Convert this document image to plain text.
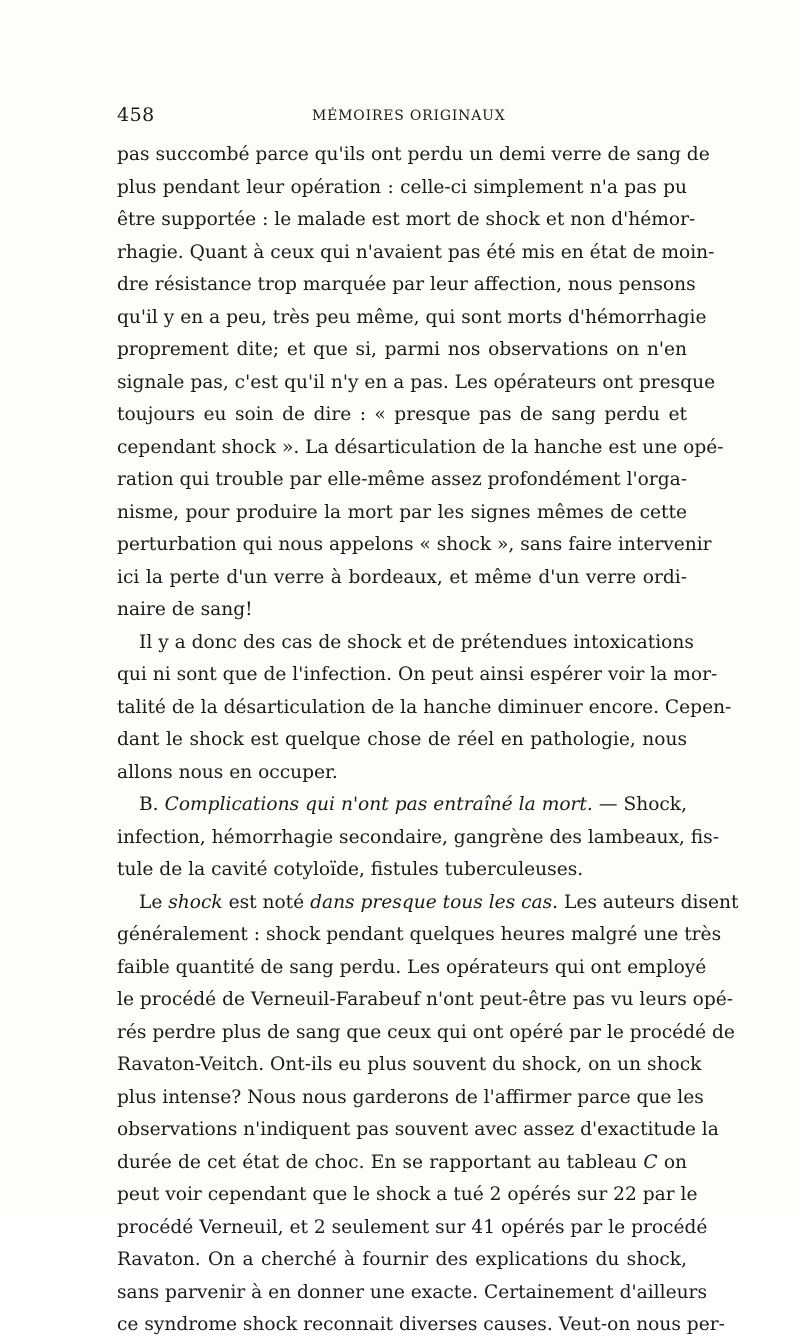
458	MÉMOIRES ORIGINAUX
pas succombé parce qu'ils ont perdu un demi verre de sang de
plus pendant leur opération : celle-ci simplement n'a pas pu
être supportée : le malade est mort de shock et non d'hémor-
rhagie. Quant à ceux qui n'avaient pas été mis en état de moin-
dre résistance trop marquée par leur affection, nous pensons
qu'il y en a peu, très peu même, qui sont morts d'hémorrhagie
proprement dite; et que si, parmi nos observations on n'en
signale pas, c'est qu'il n'y en a pas. Les opérateurs ont presque
toujours eu soin de dire : « presque pas de sang perdu et
cependant shock ». La désarticulation de la hanche est une opé-
ration qui trouble par elle-même assez profondément l'orga-
nisme, pour produire la mort par les signes mêmes de cette
perturbation qui nous appelons « shock », sans faire intervenir
ici la perte d'un verre à bordeaux, et même d'un verre ordi-
naire de sang!
Il y a donc des cas de shock et de prétendues intoxications
qui ni sont que de l'infection. On peut ainsi espérer voir la mor-
talité de la désarticulation de la hanche diminuer encore. Cepen-
dant le shock est quelque chose de réel en pathologie, nous
allons nous en occuper.
B. Complications qui n'ont pas entraîné la mort. — Shock,
infection, hémorrhagie secondaire, gangrène des lambeaux, fis-
tule de la cavité cotyloïde, fistules tuberculeuses.
Le shock est noté dans presque tous les cas. Les auteurs disent
généralement : shock pendant quelques heures malgré une très
faible quantité de sang perdu. Les opérateurs qui ont employé
le procédé de Verneuil-Farabeuf n'ont peut-être pas vu leurs opé-
rés perdre plus de sang que ceux qui ont opéré par le procédé de
Ravaton-Veitch. Ont-ils eu plus souvent du shock, on un shock
plus intense? Nous nous garderons de l'affirmer parce que les
observations n'indiquent pas souvent avec assez d'exactitude la
durée de cet état de choc. En se rapportant au tableau C on
peut voir cependant que le shock a tué 2 opérés sur 22 par le
procédé Verneuil, et 2 seulement sur 41 opérés par le procédé
Ravaton. On a cherché à fournir des explications du shock,
sans parvenir à en donner une exacte. Certainement d'ailleurs
ce syndrome shock reconnait diverses causes. Veut-on nous per-
